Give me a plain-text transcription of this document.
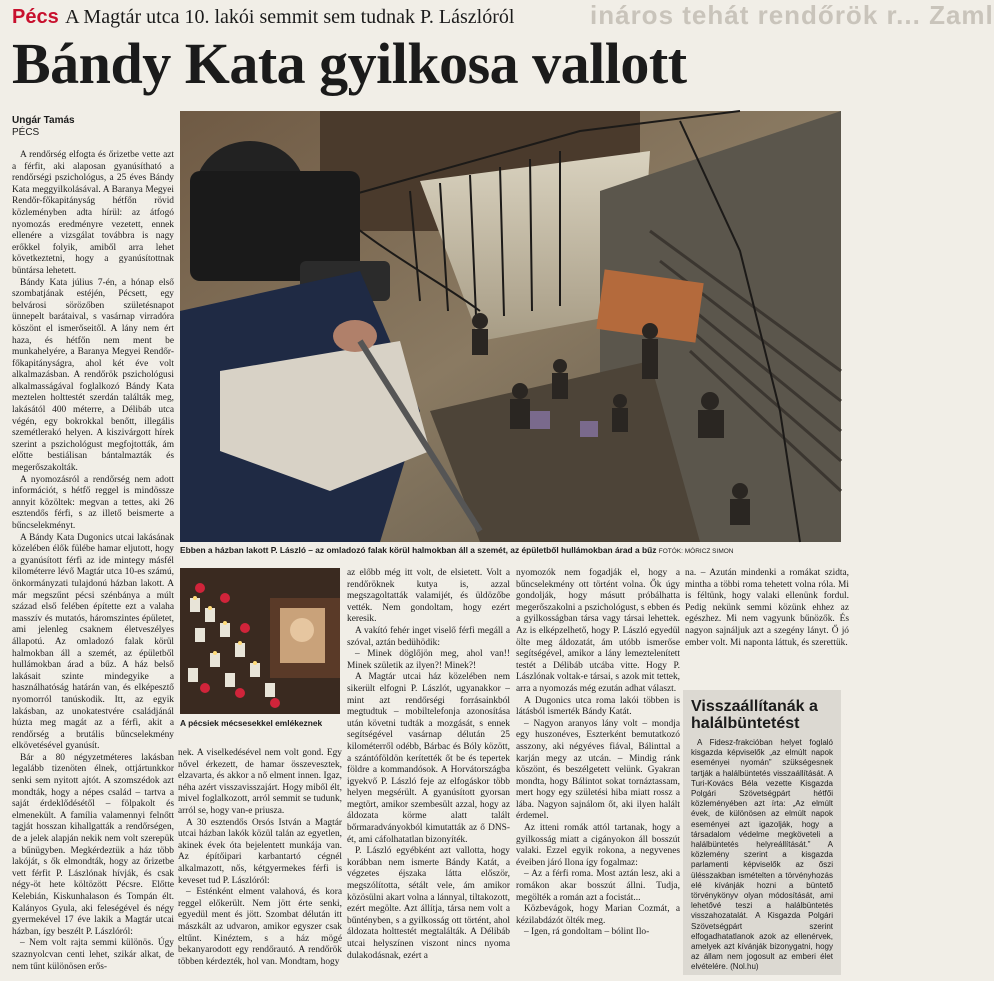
ináros tehát rendőrök r... Zaml
Pécs A Magtár utca 10. lakói semmit sem tudnak P. Lászlóról
Bándy Kata gyilkosa vallott
Ungár Tamás
PÉCS
Ebben a házban lakott P. László – az omladozó falak körül halmokban áll a szemét, az épületből hullámokban árad a bűz FOTÓK: MÓRICZ SIMON
A pécsiek mécsesekkel emlékeznek

A rendőrség elfogta és őrizetbe vette azt a férfit, aki alaposan gyanúsítható a rendőrségi pszichológus, a 25 éves Bándy Kata meggyilkolásával. A Baranya Megyei Rendőr-főkapitányság hétfőn rövid közleményben adta hírül: az átfogó nyomozás eredményre vezetett, ennek ellenére a vizsgálat továbbra is nagy erőkkel folyik, amiből arra lehet következtetni, hogy a gyanúsítottnak büntársa lehetett.

Bándy Kata július 7-én, a hónap első szombatjának estéjén, Pécsett, egy belvárosi sörözőben születésnapot ünnepelt barátaival, s vasárnap virradóra köszönt el ismerőseitől. A lány nem ért haza, és hétfőn nem ment be munkahelyére, a Baranya Megyei Rendőr-főkapitányságra, ahol két éve volt alkalmazásban. A rendőrök pszichológusi alkalmasságával foglalkozó Bándy Kata meztelen holttestét szerdán találták meg, lakásától 400 méterre, a Délibáb utca végén, egy bokrokkal benőtt, illegális szemétlerakó helyen. A kiszivárgott hírek szerint a pszichológust megfojtották, ám előtte bestiálisan bántalmazták és megerőszakolták.

A nyomozásról a rendőrség nem adott információt, s hétfő reggel is mindössze annyit közöltek: megvan a tettes, aki 26 esztendős férfi, s az illető beismerte a bűncselekményt.

A Bándy Kata Dugonics utcai lakásának közelében élők fülébe hamar eljutott, hogy a gyanúsított férfi az ide mintegy másfél kilométerre lévő Magtár utca 10-es számú, önkormányzati tulajdonú házban lakott. A már megszűnt pécsi szénbánya a múlt század első felében építette ezt a valaha masszív és mutatós, háromszintes épületet, ami jelenleg csaknem életveszélyes állapotú. Az omladozó falak körül halmokban áll a szemét, az épületből hullámokban árad a bűz. A ház belső lakásait szinte mindegyike a használhatóság határán van, és elképesztő nyomorról tanúskodik. Itt, az egyik lakásban, az unokatestvére családjánál húzta meg magát az a férfi, akit a rendőrség a brutális bűncselekmény elkövetésével gyanúsít.

Bár a 80 négyzetméteres lakásban legalább tizenöten élnek, ottjártunkkor senki sem nyitott ajtót. A szomszédok azt mondták, hogy a népes család – tartva a saját érdeklődésétől – fölpakolt és elmenekült. A família valamennyi felnőtt tagját hosszan kihallgatták a rendőrségen, de a jelek alapján nekik nem volt szerepük a bűnügyben. Megkérdeztük a ház több lakóját, s ők elmondták, hogy az őrizetbe vett férfit P. Lászlónak hívják, és csak négy-öt hete költözött Pécsre. Előtte Kelebián, Kiskunhalason és Tompán élt. Kalányos Gyula, aki feleségével és négy gyermekével 17 éve lakik a Magtár utcai házban, így beszélt P. Lászlóról:

– Nem volt rajta semmi különös. Úgy szaznyolcvan centi lehet, szikár alkat, de nem tűnt különösen erős-

nek. A viselkedésével nem volt gond. Egy nővel érkezett, de hamar összevesztek, elzavarta, és akkor a nő elment innen. Igaz, néha azért visszavisszajárt. Hogy miből élt, mivel foglalkozott, arról semmit se tudunk, arról se, hogy van-e priusza.

A 30 esztendős Orsós István a Magtár utcai házban lakók közül talán az egyetlen, akinek évek óta bejelentett munkája van. Az építőipari karbantartó cégnél alkalmazott, nős, kétgyermekes férfi is keveset tud P. Lászlóról:

– Esténként elment valahová, és kora reggel előkerült. Nem jött érte senki, egyedül ment és jött. Szombat délután itt mászkált az udvaron, amikor egyszer csak eltűnt. Kinéztem, s a ház mögé bekanyarodott egy rendőrautó. A rendőrök többen kérdezték, hol van. Mondtam, hogy

az előbb még itt volt, de elsietett. Volt a rendőröknek kutya is, azzal megszagoltatták valamijét, és üldözőbe vették. Nem gondoltam, hogy ezért keresik.

A vakító fehér inget viselő férfi megáll a szóval, aztán bedühödik:

– Minek döglőjön meg, ahol van!! Minek születik az ilyen?! Minek?!

A Magtár utcai ház közelében nem sikerült elfogni P. Lászlót, ugyanakkor – mint azt rendőrségi forrásainkból megtudtuk – mobiltelefonja azonosítása után követni tudták a mozgását, s ennek segítségével vasárnap délután 25 kilométerről odébb, Bárbac és Bóly között, a szántóföldön kerítették őt be és tepertek földre a kommandósok. A Horvátországba igyekvő P. László feje az elfogáskor több helyen megsérült. A gyanúsított gyorsan megtört, amikor szembesült azzal, hogy az áldozata körme alatt talált bőrmaradványokból kimutatták az ő DNS-ét, ami cáfolhatatlan bizonyíték.

P. László egyébként azt vallotta, hogy korábban nem ismerte Bándy Katát, a végzetes éjszaka látta először, megszólította, sétált vele, ám amikor közösülni akart volna a lánnyal, tiltakozott, ezért megölte. Azt állítja, társa nem volt a bűntényben, s a gyilkosság ott történt, ahol áldozata holttestét megtalálták. A Délibáb utcai helyszínen viszont nincs nyoma dulakodásnak, ezért a

nyomozók nem fogadják el, hogy a bűncselekmény ott történt volna. Ők úgy gondolják, hogy másutt próbálhatta megerőszakolni a pszichológust, s ebben és a gyilkosságban társa vagy társai lehettek. Az is elképzelhető, hogy P. László egyedül ölte meg áldozatát, ám utóbb ismerőse segítségével, amikor a lány lemeztelenített testét a Délibáb utcába vitte. Hogy P. Lászlónak voltak-e társai, s azok mit tettek, arra a nyomozás még ezután adhat választ.

A Dugonics utca roma lakói többen is látásból ismerték Bándy Katát.

– Nagyon aranyos lány volt – mondja egy huszonéves, Eszterként bemutatkozó asszony, aki négyéves fiával, Bálinttal a karján megy az utcán. – Mindig ránk köszönt, és beszélgetett velünk. Gyakran mondta, hogy Bálintot sokat tornáztassam, mert hogy egy születési hiba miatt rossz a lába. Nagyon sajnálom őt, aki ilyen halált érdemel.

Az itteni romák attól tartanak, hogy a gyilkosság miatt a cigányokon áll bosszút valaki. Ezzel egyik rokona, a negyvenes éveiben járó Ilona így fogalmaz:

– Az a férfi roma. Most aztán lesz, aki a romákon akar bosszút állni. Tudja, megölték a román azt a focistát...

Közbevágok, hogy Marian Cozmát, a kézilabdázót ölték meg.

– Igen, rá gondoltam – bólint Ilo-

na. – Azután mindenki a romákat szidta, mintha a többi roma tehetett volna róla. Mi is féltünk, hogy valaki ellenünk fordul. Pedig nekünk semmi közünk ehhez az egészhez. Mi nem vagyunk bűnözők. És nagyon sajnáljuk azt a szegény lányt. Ő jó ember volt. Mi naponta láttuk, és szerettük.

Visszaállítanák a halálbüntetést

A Fidesz-frakcióban helyet foglaló kisgazda képviselők „az elmúlt napok eseményei nyomán” szükségesnek tartják a halálbüntetés visszaállítását. A Turi-Kovács Béla vezette Kisgazda Polgári Szövetségpárt hétfői közleményében azt írta: „Az elmúlt évek, de különösen az elmúlt napok eseményei azt igazolják, hogy a társadalom védelme megköveteli a halálbüntetés helyreállítását.” A közlemény szerint a kisgazda parlamenti képviselők az őszi ülésszakban ismételten a törvényhozás elé kívánják hozni a büntető törvénykönyv olyan módosítását, ami lehetővé teszi a halálbüntetés visszahozatalát. A Kisgazda Polgári Szövetségpárt szerint elfogadhatatlanok azok az ellenérvek, amelyek azt kívánják bizonygatni, hogy az állam nem jogosult az emberi élet elvételére. (Nol.hu)
